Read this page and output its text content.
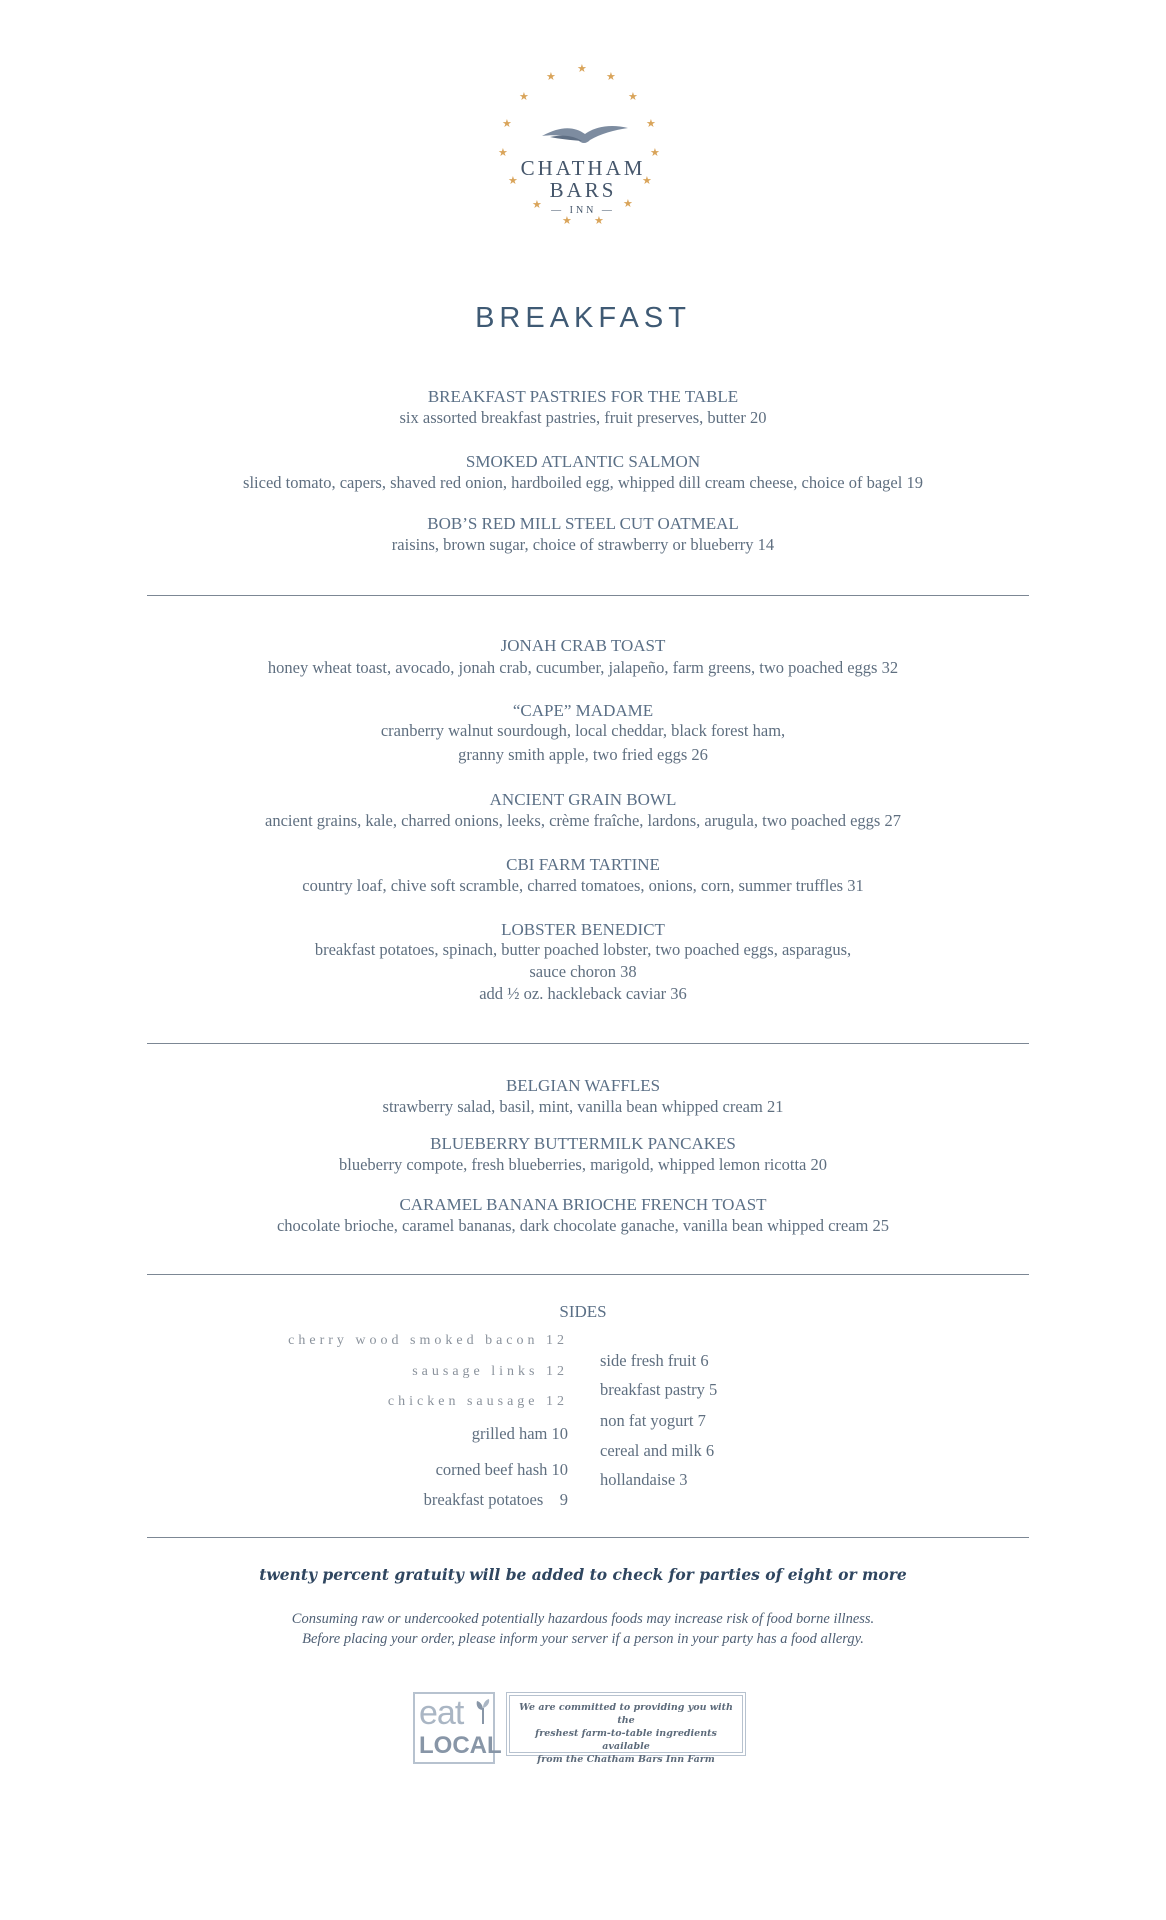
★
★
★
★
★
★
★
★
★
★
★
★
★
★
★
CHATHAM
BARS
— INN —
BREAKFAST
BREAKFAST PASTRIES FOR THE TABLE
six assorted breakfast pastries, fruit preserves, butter 20
SMOKED ATLANTIC SALMON
sliced tomato, capers, shaved red onion, hardboiled egg, whipped dill cream cheese, choice of bagel 19
BOB’S RED MILL STEEL CUT OATMEAL
raisins, brown sugar, choice of strawberry or blueberry 14
JONAH CRAB TOAST
honey wheat toast, avocado, jonah crab, cucumber, jalapeño, farm greens, two poached eggs 32
“CAPE” MADAME
cranberry walnut sourdough, local cheddar, black forest ham,
granny smith apple, two fried eggs 26
ANCIENT GRAIN BOWL
ancient grains, kale, charred onions, leeks, crème fraîche, lardons, arugula, two poached eggs 27
CBI FARM TARTINE
country loaf, chive soft scramble, charred tomatoes, onions, corn, summer truffles 31
LOBSTER BENEDICT
breakfast potatoes, spinach, butter poached lobster, two poached eggs, asparagus,
sauce choron 38
add ½ oz. hackleback caviar 36
BELGIAN WAFFLES
strawberry salad, basil, mint, vanilla bean whipped cream 21
BLUEBERRY BUTTERMILK PANCAKES
blueberry compote, fresh blueberries, marigold, whipped lemon ricotta 20
CARAMEL BANANA BRIOCHE FRENCH TOAST
chocolate brioche, caramel bananas, dark chocolate ganache, vanilla bean whipped cream 25
SIDES
cherry wood smoked bacon 12
sausage links 12
chicken sausage 12
grilled ham 10
corned beef hash 10
breakfast potatoes    9
side fresh fruit 6
breakfast pastry 5
non fat yogurt 7
cereal and milk 6
hollandaise 3
twenty percent gratuity will be added to check for parties of eight or more
Consuming raw or undercooked potentially hazardous foods may increase risk of food borne illness.
Before placing your order, please inform your server if a person in your party has a food allergy.
eat
LOCAL
We are committed to providing you with the
freshest farm-to-table ingredients available
from the Chatham Bars Inn Farm
